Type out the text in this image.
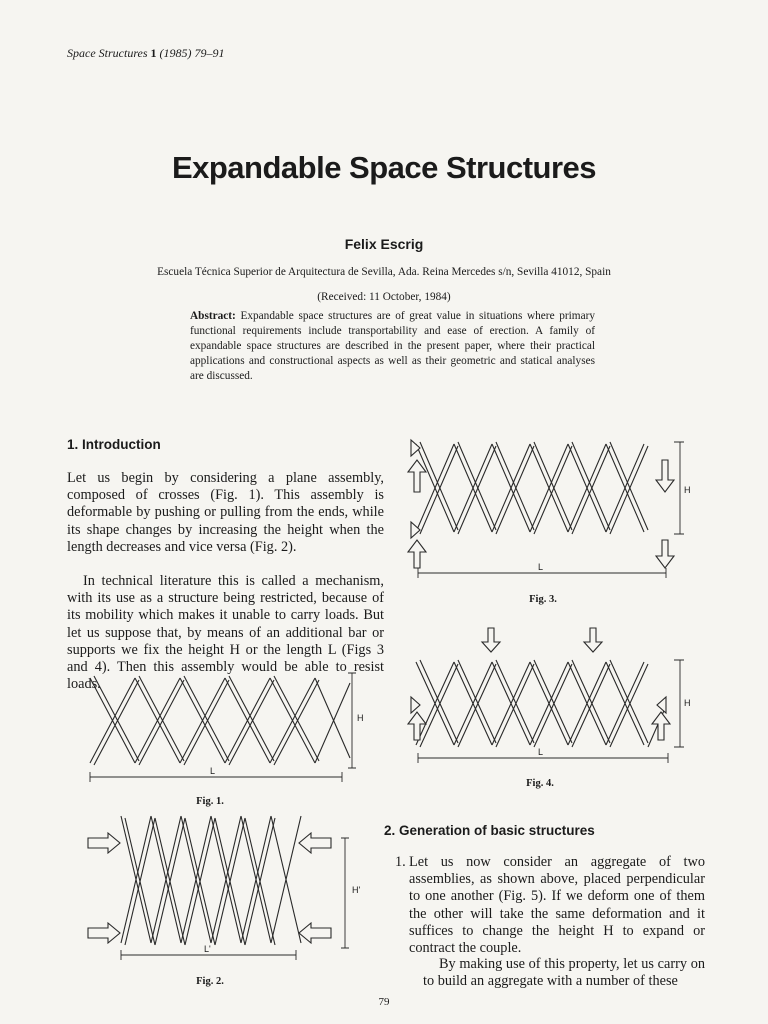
Space Structures 1 (1985) 79–91
Expandable Space Structures
Felix Escrig
Escuela Técnica Superior de Arquitectura de Sevilla, Ada. Reina Mercedes s/n, Sevilla 41012, Spain
(Received: 11 October, 1984)
Abstract: Expandable space structures are of great value in situations where primary functional requirements include transportability and ease of erection. A family of expandable space structures are described in the present paper, where their practical applications and constructional aspects as well as their geometric and statical analyses are discussed.
1. Introduction
Let us begin by considering a plane assembly, composed of crosses (Fig. 1). This assembly is deformable by pushing or pulling from the ends, while its shape changes by increasing the height when the length decreases and vice versa (Fig. 2).
In technical literature this is called a mechanism, with its use as a structure being restricted, because of its mobility which makes it unable to carry loads. But let us suppose that, by means of an additional bar or supports we fix the height H or the length L (Figs 3 and 4). Then this assembly would be able to resist loads.
2. Generation of basic structures
1. Let us now consider an aggregate of two assemblies, as shown above, placed perpendicular to one another (Fig. 5). If we deform one of them the other will take the same deformation and it suffices to change the height H to expand or contract the couple.
By making use of this property, let us carry on to build an aggregate with a number of these
H
L
Fig. 1.
H'
L'
Fig. 2.
H
L
Fig. 3.
H
L
Fig. 4.
79
